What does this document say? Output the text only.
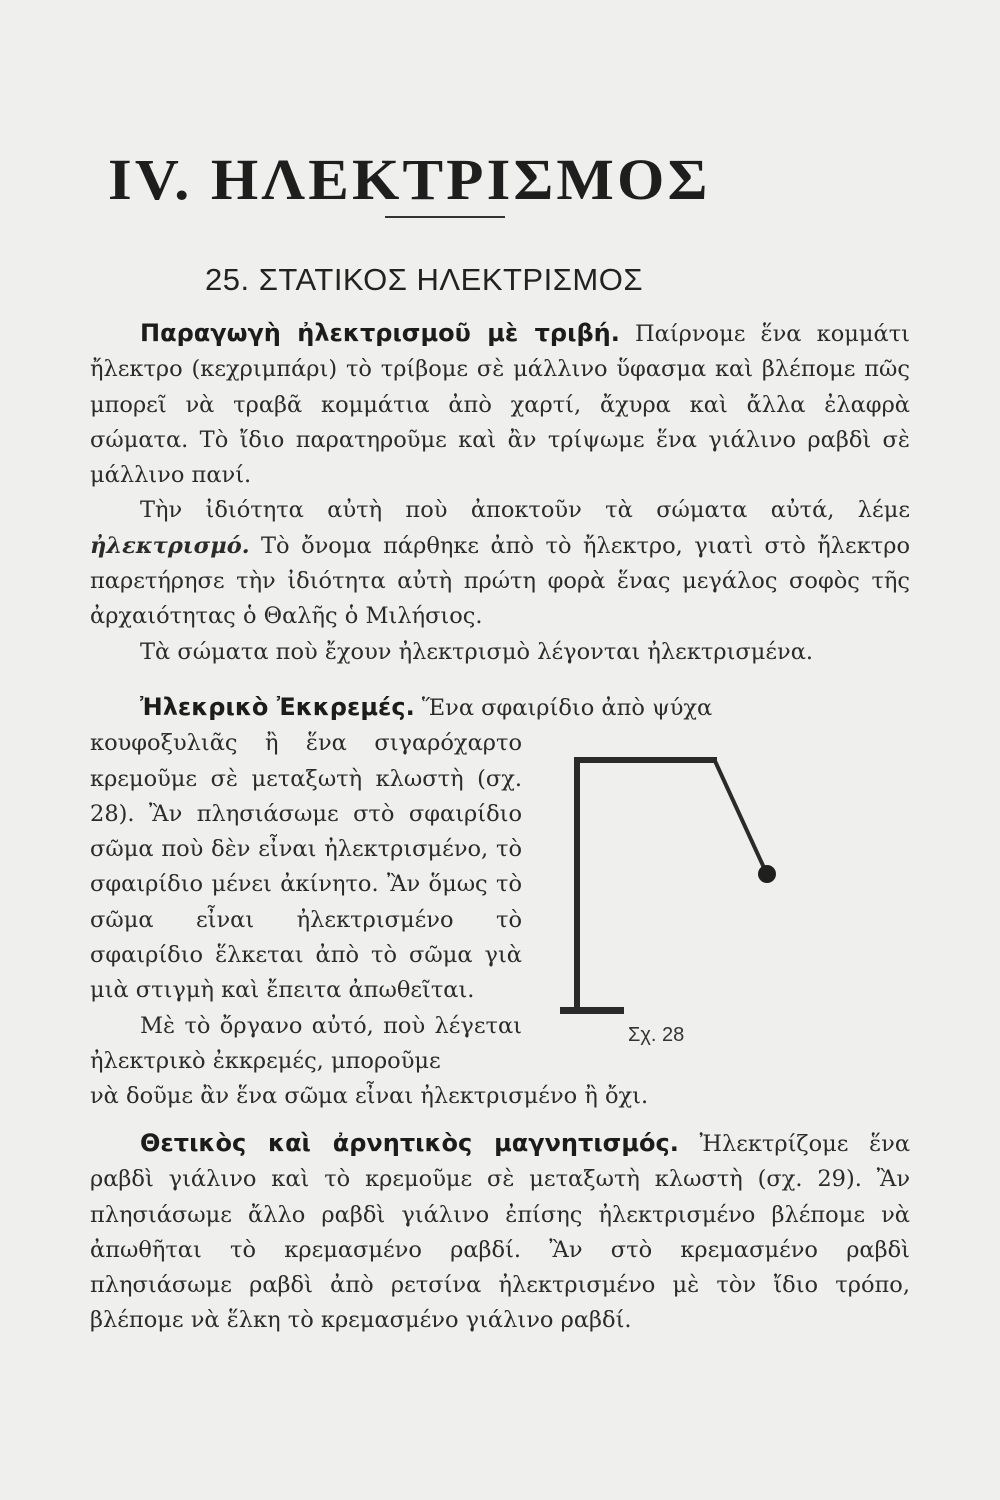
IV. ΗΛΕΚΤΡΙΣΜΟΣ
25. ΣΤΑΤΙΚΟΣ ΗΛΕΚΤΡΙΣΜΟΣ

Παραγωγὴ ἠλεκτρισμοῦ μὲ τριβή. Παίρνομε ἕνα κομμάτι ἤλεκτρο (κεχριμπάρι) τὸ τρίβομε σὲ μάλλινο ὕφασμα καὶ βλέπομε πῶς μπορεῖ νὰ τραβᾶ κομμάτια ἀπὸ χαρτί, ἄχυρα καὶ ἄλλα ἐλαφρὰ σώματα. Τὸ ἴδιο παρατηροῦμε καὶ ἂν τρίψωμε ἕνα γιάλινο ραβδὶ σὲ μάλλινο πανί.

Τὴν ἰδιότητα αὐτὴ ποὺ ἀποκτοῦν τὰ σώματα αὐτά, λέμε ἠλεκτρισμό. Τὸ ὄνομα πάρθηκε ἀπὸ τὸ ἤλεκτρο, γιατὶ στὸ ἤλεκτρο παρετήρησε τὴν ἰδιότητα αὐτὴ πρώτη φορὰ ἕνας μεγάλος σοφὸς τῆς ἀρχαιότητας ὁ Θαλῆς ὁ Μιλήσιος.

Τὰ σώματα ποὺ ἔχουν ἠλεκτρισμὸ λέγονται ἠλεκτρισμένα.

Ἠλεκρικὸ Ἐκκρεμές. Ἕνα σφαιρίδιο ἀπὸ ψύχα

κουφοξυλιᾶς ἢ ἕνα σιγαρόχαρτο κρεμοῦμε σὲ μεταξωτὴ κλωστὴ (σχ. 28). Ἂν πλησιάσωμε στὸ σφαιρίδιο σῶμα ποὺ δὲν εἶναι ἠλεκτρισμένο, τὸ σφαιρίδιο μένει ἀκίνητο. Ἂν ὅμως τὸ σῶμα εἶναι ἠλεκτρισμένο τὸ σφαιρίδιο ἕλκεται ἀπὸ τὸ σῶμα γιὰ μιὰ στιγμὴ καὶ ἔπειτα ἀπωθεῖται.

Μὲ τὸ ὄργανο αὐτό, ποὺ λέγεται ἠλεκτρικὸ ἐκκρεμές, μποροῦμε

νὰ δοῦμε ἂν ἕνα σῶμα εἶναι ἠλεκτρισμένο ἢ ὄχι.

Σχ. 28

Θετικὸς καὶ ἀρνητικὸς μαγνητισμός. Ἠλεκτρίζομε ἕνα ραβδὶ γιάλινο καὶ τὸ κρεμοῦμε σὲ μεταξωτὴ κλωστὴ (σχ. 29). Ἂν πλησιάσωμε ἄλλο ραβδὶ γιάλινο ἐπίσης ἠλεκτρισμένο βλέπομε νὰ ἀπωθῆται τὸ κρεμασμένο ραβδί. Ἂν στὸ κρεμασμένο ραβδὶ πλησιάσωμε ραβδὶ ἀπὸ ρετσίνα ἠλεκτρισμένο μὲ τὸν ἴδιο τρόπο, βλέπομε νὰ ἕλκη τὸ κρεμασμένο γιάλινο ραβδί.
